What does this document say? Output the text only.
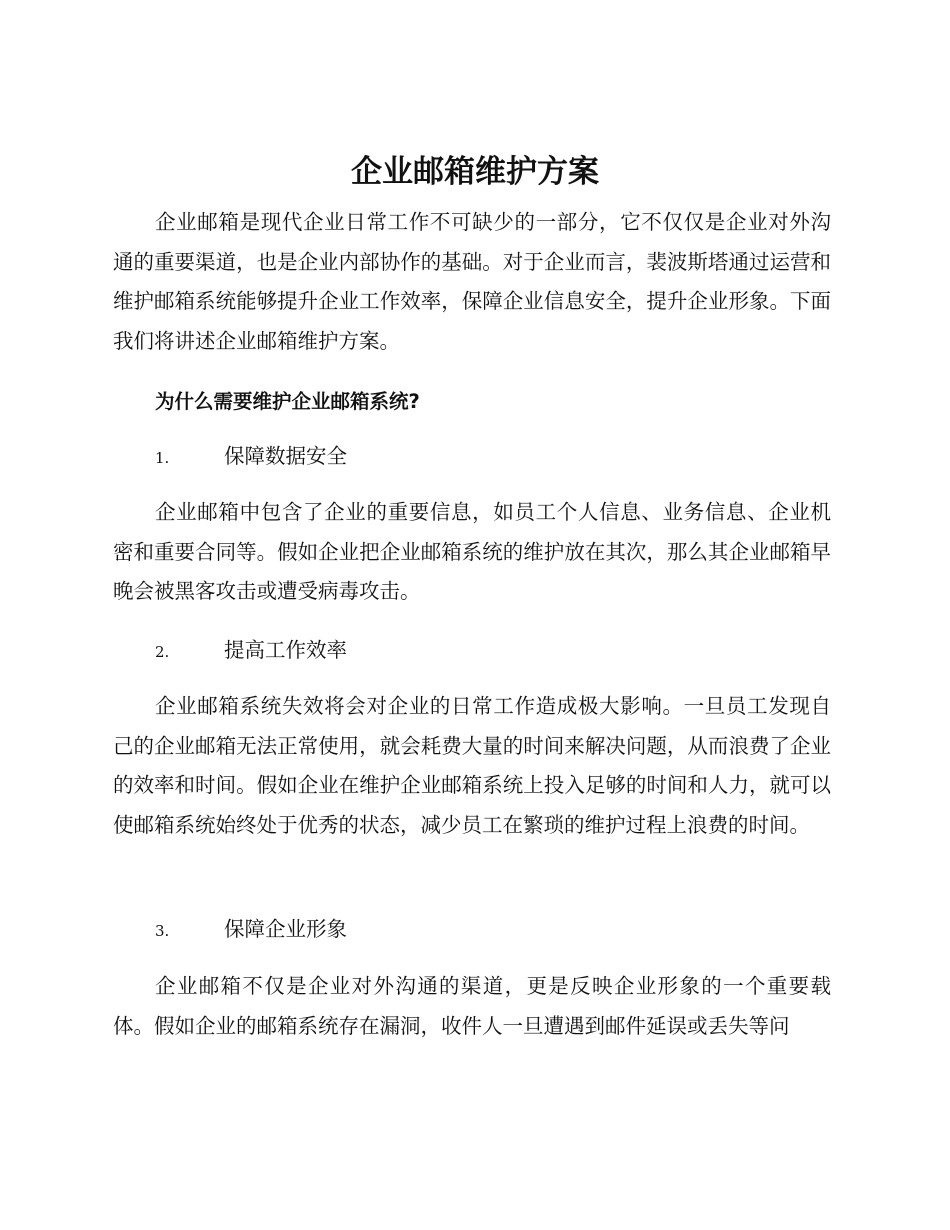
企业邮箱维护方案

企业邮箱是现代企业日常工作不可缺少的一部分，它不仅仅是企业对外沟通的重要渠道，也是企业内部协作的基础。对于企业而言，裴波斯塔通过运营和维护邮箱系统能够提升企业工作效率，保障企业信息安全，提升企业形象。下面我们将讲述企业邮箱维护方案。

为什么需要维护企业邮箱系统?

1.	保障数据安全

企业邮箱中包含了企业的重要信息，如员工个人信息、业务信息、企业机密和重要合同等。假如企业把企业邮箱系统的维护放在其次，那么其企业邮箱早晚会被黑客攻击或遭受病毒攻击。

2.	提高工作效率

企业邮箱系统失效将会对企业的日常工作造成极大影响。一旦员工发现自己的企业邮箱无法正常使用，就会耗费大量的时间来解决问题，从而浪费了企业的效率和时间。假如企业在维护企业邮箱系统上投入足够的时间和人力，就可以使邮箱系统始终处于优秀的状态，减少员工在繁琐的维护过程上浪费的时间。

3.	保障企业形象

企业邮箱不仅是企业对外沟通的渠道，更是反映企业形象的一个重要载体。假如企业的邮箱系统存在漏洞，收件人一旦遭遇到邮件延误或丢失等问
